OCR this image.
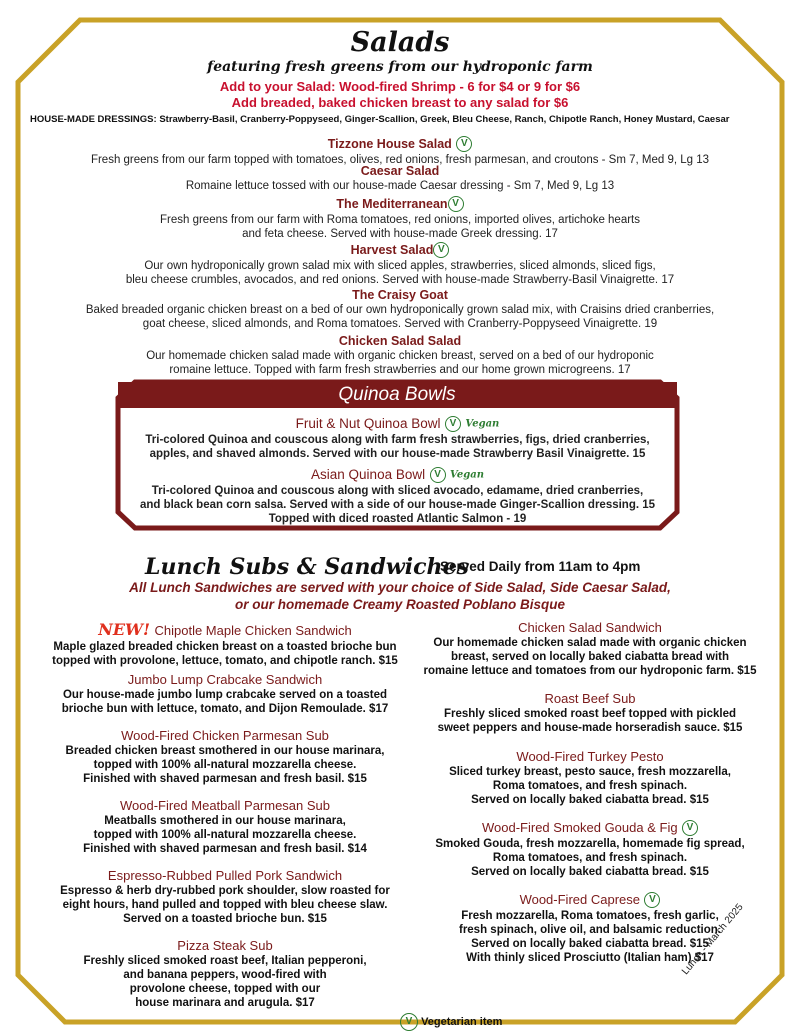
Salads
featuring fresh greens from our hydroponic farm
Add to your Salad: Wood-fired Shrimp - 6 for $4 or 9 for $6
Add breaded, baked chicken breast to any salad for $6
HOUSE-MADE DRESSINGS: Strawberry-Basil, Cranberry-Poppyseed, Ginger-Scallion, Greek, Bleu Cheese, Ranch, Chipotle Ranch, Honey Mustard, Caesar
Tizzone House Salad V
Fresh greens from our farm topped with tomatoes, olives, red onions, fresh parmesan, and croutons - Sm 7, Med 9, Lg 13
Caesar Salad
Romaine lettuce tossed with our house-made Caesar dressing - Sm 7, Med 9, Lg 13
The Mediterranean V
Fresh greens from our farm with Roma tomatoes, red onions, imported olives, artichoke hearts
and feta cheese. Served with house-made Greek dressing. 17
Harvest Salad V
Our own hydroponically grown salad mix with sliced apples, strawberries, sliced almonds, sliced figs,
bleu cheese crumbles, avocados, and red onions. Served with house-made Strawberry-Basil Vinaigrette. 17
The Craisy Goat
Baked breaded organic chicken breast on a bed of our own hydroponically grown salad mix, with Craisins dried cranberries,
goat cheese, sliced almonds, and Roma tomatoes. Served with Cranberry-Poppyseed Vinaigrette. 19
Chicken Salad Salad
Our homemade chicken salad made with organic chicken breast, served on a bed of our hydroponic
romaine lettuce. Topped with farm fresh strawberries and our home grown microgreens. 17
Quinoa Bowls
Fruit & Nut Quinoa Bowl V Vegan
Tri-colored Quinoa and couscous along with farm fresh strawberries, figs, dried cranberries,
apples, and shaved almonds. Served with our house-made Strawberry Basil Vinaigrette. 15
Asian Quinoa Bowl V Vegan
Tri-colored Quinoa and couscous along with sliced avocado, edamame, dried cranberries,
and black bean corn salsa. Served with a side of our house-made Ginger-Scallion dressing. 15
Topped with diced roasted Atlantic Salmon - 19
Lunch Subs & Sandwiches
Served Daily from 11am to 4pm
All Lunch Sandwiches are served with your choice of Side Salad, Side Caesar Salad,
or our homemade Creamy Roasted Poblano Bisque
NEW! Chipotle Maple Chicken Sandwich
Maple glazed breaded chicken breast on a toasted brioche bun
topped with provolone, lettuce, tomato, and chipotle ranch. $15
Jumbo Lump Crabcake Sandwich
Our house-made jumbo lump crabcake served on a toasted
brioche bun with lettuce, tomato, and Dijon Remoulade. $17
Wood-Fired Chicken Parmesan Sub
Breaded chicken breast smothered in our house marinara,
topped with 100% all-natural mozzarella cheese.
Finished with shaved parmesan and fresh basil. $15
Wood-Fired Meatball Parmesan Sub
Meatballs smothered in our house marinara,
topped with 100% all-natural mozzarella cheese.
Finished with shaved parmesan and fresh basil. $14
Espresso-Rubbed Pulled Pork Sandwich
Espresso & herb dry-rubbed pork shoulder, slow roasted for
eight hours, hand pulled and topped with bleu cheese slaw.
Served on a toasted brioche bun. $15
Pizza Steak Sub
Freshly sliced smoked roast beef, Italian pepperoni,
and banana peppers, wood-fired with
provolone cheese, topped with our
house marinara and arugula. $17
Chicken Salad Sandwich
Our homemade chicken salad made with organic chicken
breast, served on locally baked ciabatta bread with
romaine lettuce and tomatoes from our hydroponic farm. $15
Roast Beef Sub
Freshly sliced smoked roast beef topped with pickled
sweet peppers and house-made horseradish sauce. $15
Wood-Fired Turkey Pesto
Sliced turkey breast, pesto sauce, fresh mozzarella,
Roma tomatoes, and fresh spinach.
Served on locally baked ciabatta bread. $15
Wood-Fired Smoked Gouda & Fig V
Smoked Gouda, fresh mozzarella, homemade fig spread,
Roma tomatoes, and fresh spinach.
Served on locally baked ciabatta bread. $15
Wood-Fired Caprese V
Fresh mozzarella, Roma tomatoes, fresh garlic,
fresh spinach, olive oil, and balsamic reduction.
Served on locally baked ciabatta bread. $15
With thinly sliced Prosciutto (Italian ham) $17
V Vegetarian item
Lunch - March 2025
